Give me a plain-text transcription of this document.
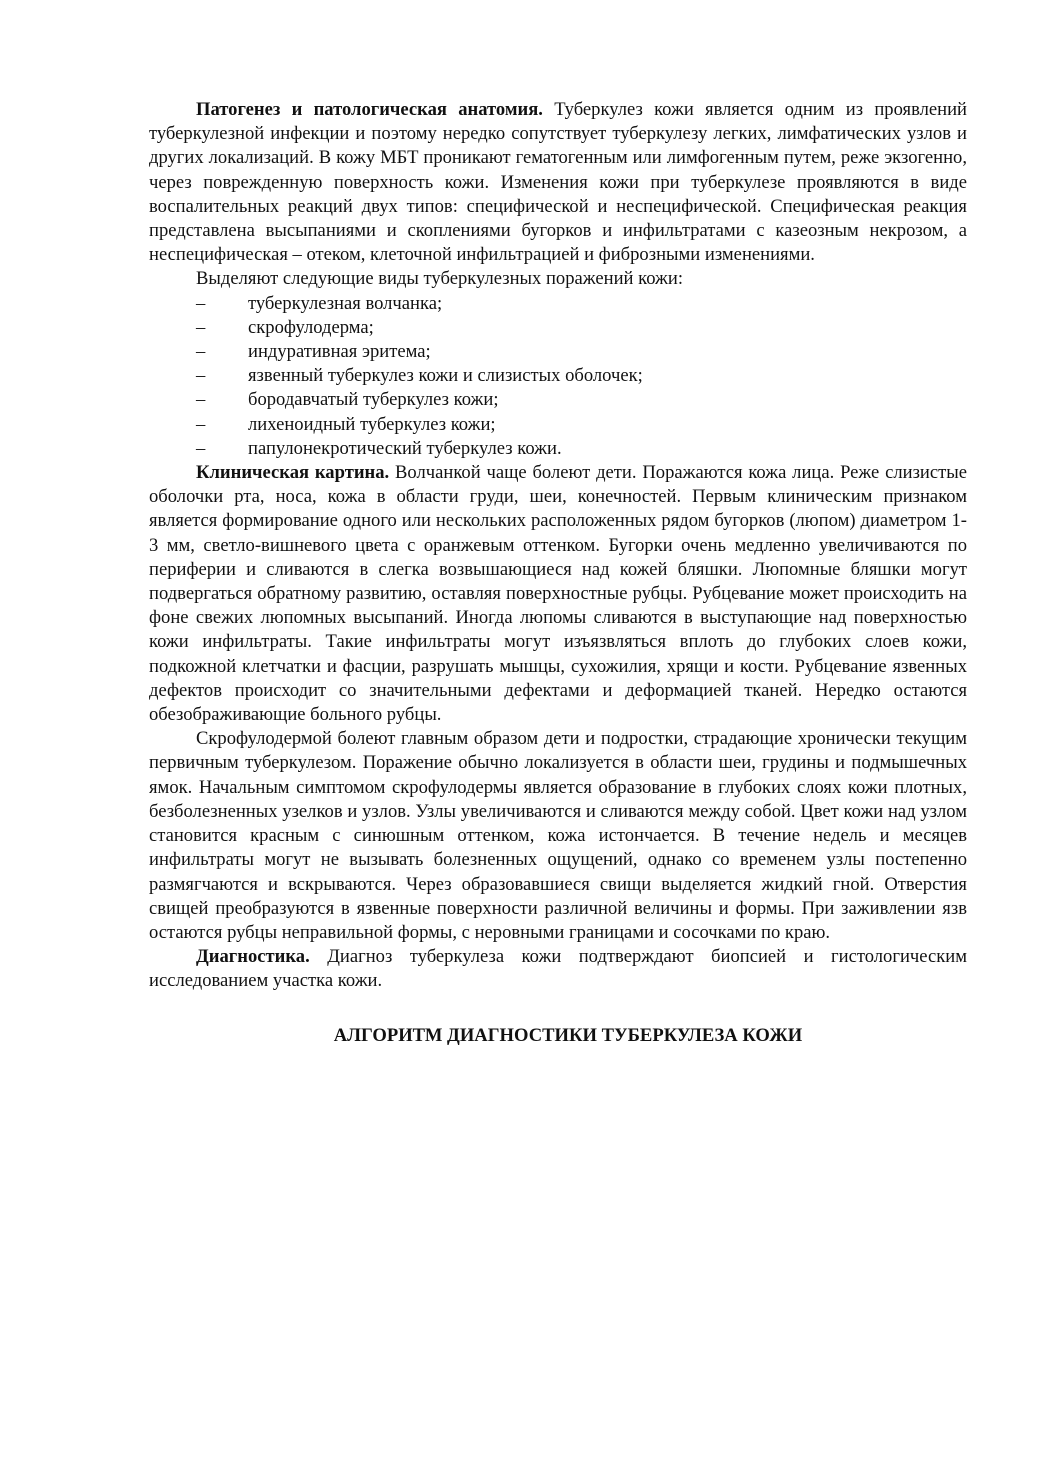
Патогенез и патологическая анатомия. Туберкулез кожи является одним из проявлений туберкулезной инфекции и поэтому нередко сопутствует туберкулезу легких, лимфатических узлов и других локализаций. В кожу МБТ проникают гематогенным или лимфогенным путем, реже экзогенно, через поврежденную поверхность кожи. Изменения кожи при туберкулезе проявляются в виде воспалительных реакций двух типов: специфической и неспецифической. Специфическая реакция представлена высыпаниями и скоплениями бугорков и инфильтратами с казеозным некрозом, а неспецифическая – отеком, клеточной инфильтрацией и фиброзными изменениями.

Выделяют следующие виды туберкулезных поражений кожи:

– туберкулезная волчанка;
– скрофулодерма;
– индуративная эритема;
– язвенный туберкулез кожи и слизистых оболочек;
– бородавчатый туберкулез кожи;
– лихеноидный туберкулез кожи;
– папулонекротический туберкулез кожи.

Клиническая картина. Волчанкой чаще болеют дети. Поражаются кожа лица. Реже слизистые оболочки рта, носа, кожа в области груди, шеи, конечностей. Первым клиническим признаком является формирование одного или нескольких расположенных рядом бугорков (люпом) диаметром 1-3 мм, светло-вишневого цвета с оранжевым оттенком. Бугорки очень медленно увеличиваются по периферии и сливаются в слегка возвышающиеся над кожей бляшки. Люпомные бляшки могут подвергаться обратному развитию, оставляя поверхностные рубцы. Рубцевание может происходить на фоне свежих люпомных высыпаний. Иногда люпомы сливаются в выступающие над поверхностью кожи инфильтраты. Такие инфильтраты могут изъязвляться вплоть до глубоких слоев кожи, подкожной клетчатки и фасции, разрушать мышцы, сухожилия, хрящи и кости. Рубцевание язвенных дефектов происходит со значительными дефектами и деформацией тканей. Нередко остаются обезображивающие больного рубцы.

Скрофулодермой болеют главным образом дети и подростки, страдающие хронически текущим первичным туберкулезом. Поражение обычно локализуется в области шеи, грудины и подмышечных ямок. Начальным симптомом скрофулодермы является образование в глубоких слоях кожи плотных, безболезненных узелков и узлов. Узлы увеличиваются и сливаются между собой. Цвет кожи над узлом становится красным с синюшным оттенком, кожа истончается. В течение недель и месяцев инфильтраты могут не вызывать болезненных ощущений, однако со временем узлы постепенно размягчаются и вскрываются. Через образовавшиеся свищи выделяется жидкий гной. Отверстия свищей преобразуются в язвенные поверхности различной величины и формы. При заживлении язв остаются рубцы неправильной формы, с неровными границами и сосочками по краю.

Диагностика. Диагноз туберкулеза кожи подтверждают биопсией и гистологическим исследованием участка кожи.

АЛГОРИТМ ДИАГНОСТИКИ ТУБЕРКУЛЕЗА КОЖИ
